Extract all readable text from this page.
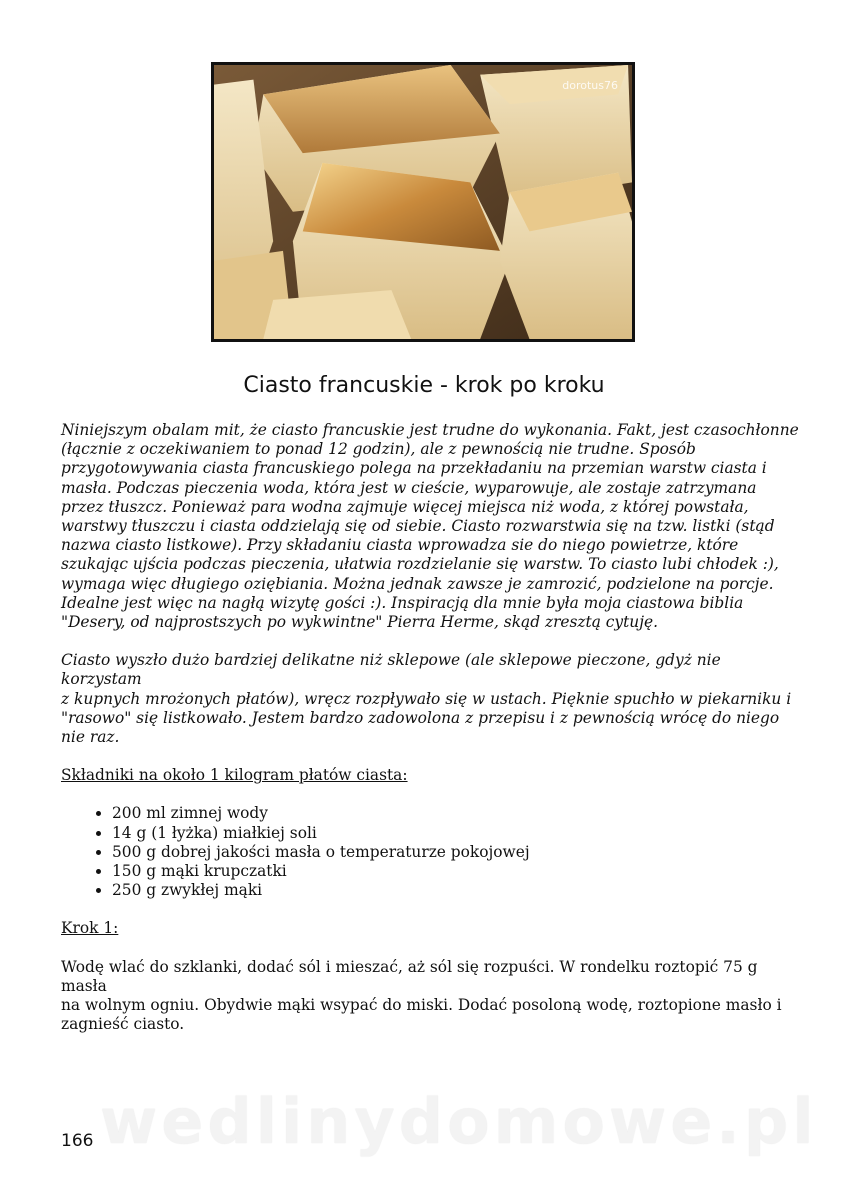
dorotus76
Ciasto francuskie - krok po kroku
Niniejszym obalam mit, że ciasto francuskie jest trudne do wykonania. Fakt, jest czasochłonne
(łącznie z oczekiwaniem to ponad 12 godzin), ale z pewnością nie trudne. Sposób
przygotowywania ciasta francuskiego polega na przekładaniu na przemian warstw ciasta i
masła. Podczas pieczenia woda, która jest w cieście, wyparowuje, ale zostaje zatrzymana
przez tłuszcz. Ponieważ para wodna zajmuje więcej miejsca niż woda, z której powstała,
warstwy tłuszczu i ciasta oddzielają się od siebie. Ciasto rozwarstwia się na tzw. listki (stąd
nazwa ciasto listkowe). Przy składaniu ciasta wprowadza sie do niego powietrze, które
szukając ujścia podczas pieczenia, ułatwia rozdzielanie się warstw. To ciasto lubi chłodek :),
wymaga więc długiego oziębiania. Można jednak zawsze je zamrozić, podzielone na porcje.
Idealne jest więc na nagłą wizytę gości :). Inspiracją dla mnie była moja ciastowa biblia
"Desery, od najprostszych po wykwintne" Pierra Herme, skąd zresztą cytuję.
Ciasto wyszło dużo bardziej delikatne niż sklepowe (ale sklepowe pieczone, gdyż nie korzystam
z kupnych mrożonych płatów), wręcz rozpływało się w ustach. Pięknie spuchło w piekarniku i
"rasowo" się listkowało. Jestem bardzo zadowolona z przepisu i z pewnością wrócę do niego
nie raz.
Składniki na około 1 kilogram płatów ciasta:
• 200 ml zimnej wody
• 14 g (1 łyżka) miałkiej soli
• 500 g dobrej jakości masła o temperaturze pokojowej
• 150 g mąki krupczatki
• 250 g zwykłej mąki
Krok 1:
Wodę wlać do szklanki, dodać sól i mieszać, aż sól się rozpuści. W rondelku roztopić 75 g masła
na wolnym ogniu. Obydwie mąki wsypać do miski. Dodać posoloną wodę, roztopione masło i
zagnieść ciasto.
wedlinydomowe.pl
166
